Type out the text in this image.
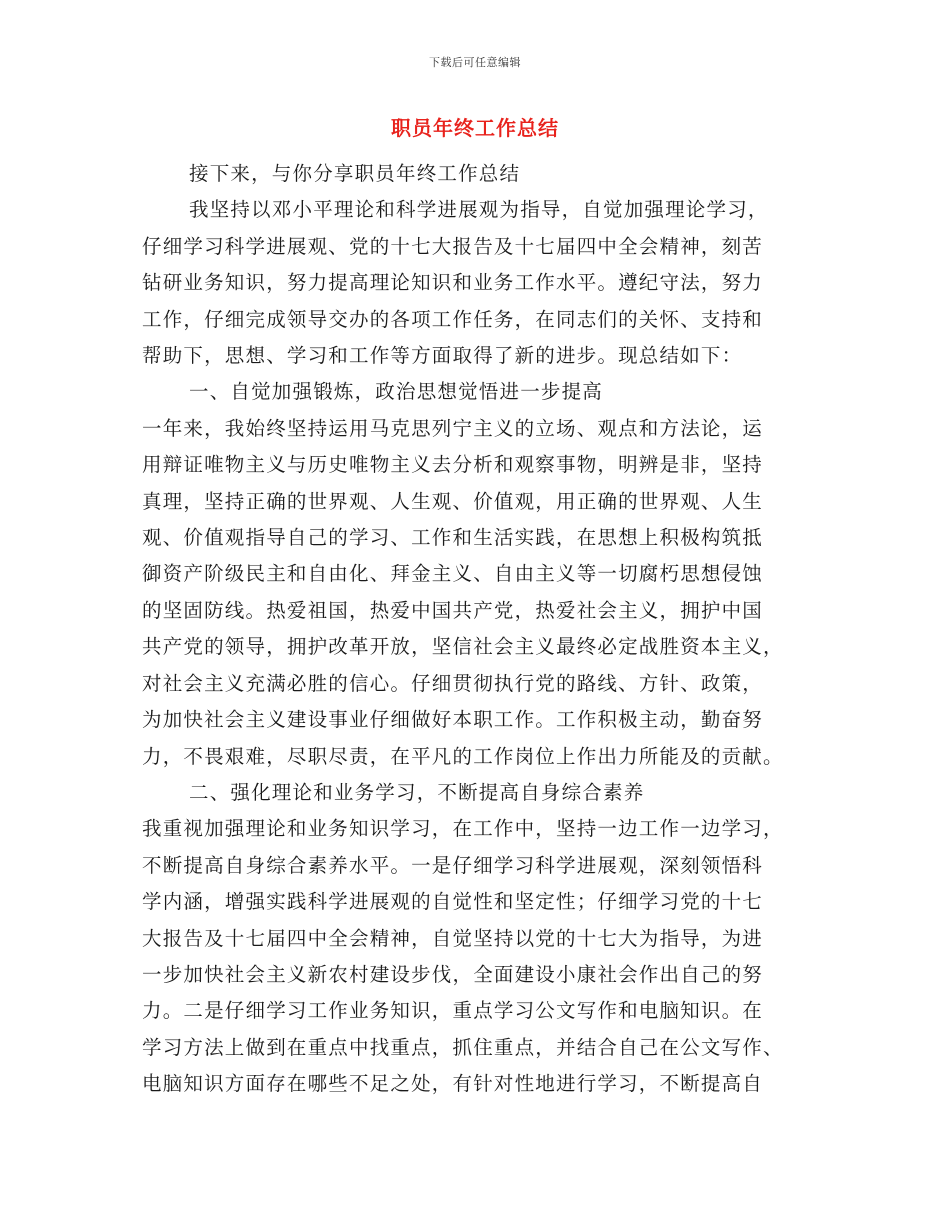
下载后可任意编辑
职员年终工作总结
接下来，与你分享职员年终工作总结
我坚持以邓小平理论和科学进展观为指导，自觉加强理论学习，
仔细学习科学进展观、党的十七大报告及十七届四中全会精神，刻苦
钻研业务知识，努力提高理论知识和业务工作水平。遵纪守法，努力
工作，仔细完成领导交办的各项工作任务，在同志们的关怀、支持和
帮助下，思想、学习和工作等方面取得了新的进步。现总结如下：
一、自觉加强锻炼，政治思想觉悟进一步提高
一年来，我始终坚持运用马克思列宁主义的立场、观点和方法论，运
用辩证唯物主义与历史唯物主义去分析和观察事物，明辨是非，坚持
真理，坚持正确的世界观、人生观、价值观，用正确的世界观、人生
观、价值观指导自己的学习、工作和生活实践，在思想上积极构筑抵
御资产阶级民主和自由化、拜金主义、自由主义等一切腐朽思想侵蚀
的坚固防线。热爱祖国，热爱中国共产党，热爱社会主义，拥护中国
共产党的领导，拥护改革开放，坚信社会主义最终必定战胜资本主义，
对社会主义充满必胜的信心。仔细贯彻执行党的路线、方针、政策，
为加快社会主义建设事业仔细做好本职工作。工作积极主动，勤奋努
力，不畏艰难，尽职尽责，在平凡的工作岗位上作出力所能及的贡献。
二、强化理论和业务学习，不断提高自身综合素养
我重视加强理论和业务知识学习，在工作中，坚持一边工作一边学习，
不断提高自身综合素养水平。一是仔细学习科学进展观，深刻领悟科
学内涵，增强实践科学进展观的自觉性和坚定性；仔细学习党的十七
大报告及十七届四中全会精神，自觉坚持以党的十七大为指导，为进
一步加快社会主义新农村建设步伐，全面建设小康社会作出自己的努
力。二是仔细学习工作业务知识，重点学习公文写作和电脑知识。在
学习方法上做到在重点中找重点，抓住重点，并结合自己在公文写作、
电脑知识方面存在哪些不足之处，有针对性地进行学习，不断提高自
